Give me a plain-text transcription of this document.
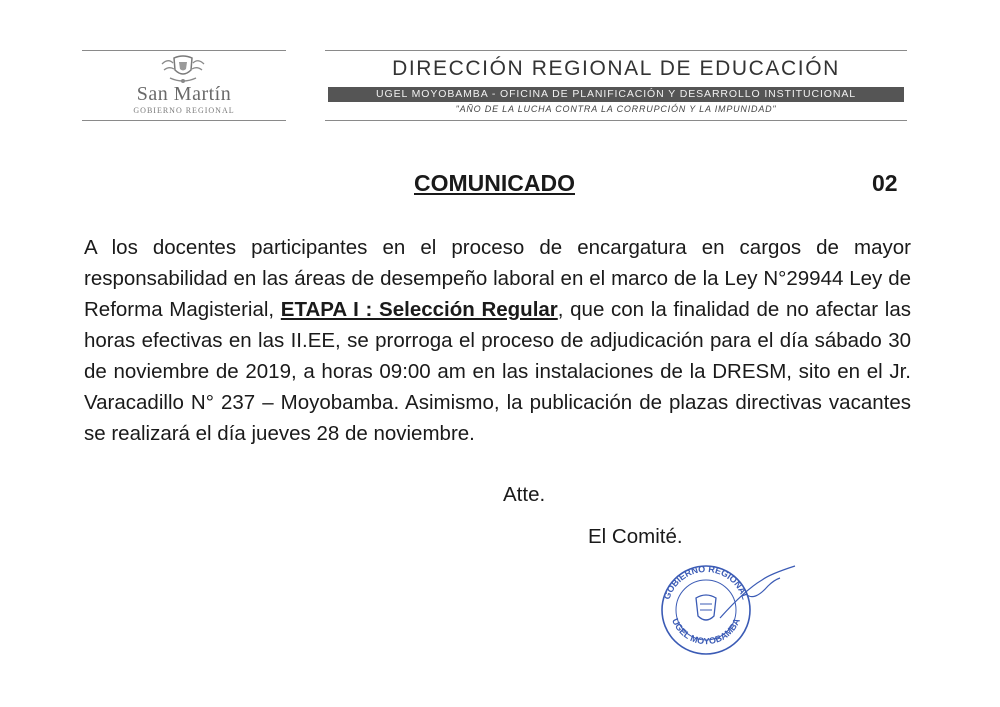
San Martín
GOBIERNO REGIONAL
DIRECCIÓN REGIONAL DE EDUCACIÓN
UGEL MOYOBAMBA - OFICINA DE PLANIFICACIÓN Y DESARROLLO INSTITUCIONAL
"AÑO DE LA LUCHA CONTRA LA CORRUPCIÓN Y LA IMPUNIDAD"
COMUNICADO	02
A los docentes participantes en el proceso de encargatura en cargos de mayor responsabilidad en las áreas de desempeño laboral en el marco de la Ley N°29944 Ley de Reforma Magisterial, ETAPA I : Selección Regular, que con la finalidad de no afectar las horas efectivas en las II.EE, se prorroga el proceso de adjudicación para el día sábado 30 de noviembre de 2019, a horas 09:00 am en las instalaciones de la DRESM, sito en el Jr. Varacadillo N° 237 – Moyobamba. Asimismo, la publicación de plazas directivas vacantes se realizará el día jueves 28 de noviembre.
Atte.
El Comité.
GOBIERNO REGIONAL
UGEL MOYOBAMBA
